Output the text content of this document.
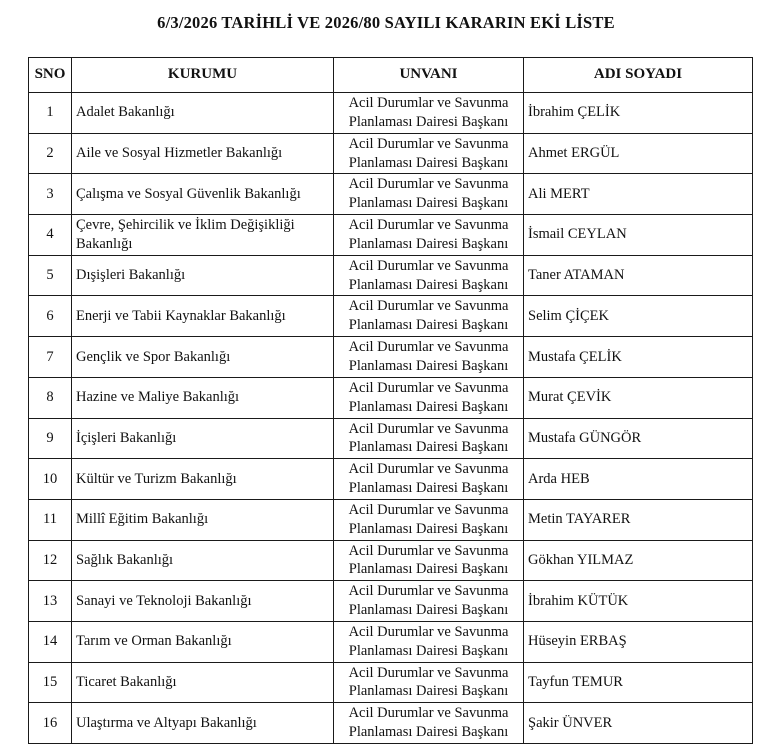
6/3/2026 TARİHLİ VE 2026/80 SAYILI KARARIN EKİ LİSTE
SNO	KURUMU	UNVANI	ADI SOYADI
1	Adalet Bakanlığı	Acil Durumlar ve Savunma Planlaması Dairesi Başkanı	İbrahim ÇELİK
2	Aile ve Sosyal Hizmetler Bakanlığı	Acil Durumlar ve Savunma Planlaması Dairesi Başkanı	Ahmet ERGÜL
3	Çalışma ve Sosyal Güvenlik Bakanlığı	Acil Durumlar ve Savunma Planlaması Dairesi Başkanı	Ali MERT
4	Çevre, Şehircilik ve İklim Değişikliği Bakanlığı	Acil Durumlar ve Savunma Planlaması Dairesi Başkanı	İsmail CEYLAN
5	Dışişleri Bakanlığı	Acil Durumlar ve Savunma Planlaması Dairesi Başkanı	Taner ATAMAN
6	Enerji ve Tabii Kaynaklar Bakanlığı	Acil Durumlar ve Savunma Planlaması Dairesi Başkanı	Selim ÇİÇEK
7	Gençlik ve Spor Bakanlığı	Acil Durumlar ve Savunma Planlaması Dairesi Başkanı	Mustafa ÇELİK
8	Hazine ve Maliye Bakanlığı	Acil Durumlar ve Savunma Planlaması Dairesi Başkanı	Murat ÇEVİK
9	İçişleri Bakanlığı	Acil Durumlar ve Savunma Planlaması Dairesi Başkanı	Mustafa GÜNGÖR
10	Kültür ve Turizm Bakanlığı	Acil Durumlar ve Savunma Planlaması Dairesi Başkanı	Arda HEB
11	Millî Eğitim Bakanlığı	Acil Durumlar ve Savunma Planlaması Dairesi Başkanı	Metin TAYARER
12	Sağlık Bakanlığı	Acil Durumlar ve Savunma Planlaması Dairesi Başkanı	Gökhan YILMAZ
13	Sanayi ve Teknoloji Bakanlığı	Acil Durumlar ve Savunma Planlaması Dairesi Başkanı	İbrahim KÜTÜK
14	Tarım ve Orman Bakanlığı	Acil Durumlar ve Savunma Planlaması Dairesi Başkanı	Hüseyin ERBAŞ
15	Ticaret Bakanlığı	Acil Durumlar ve Savunma Planlaması Dairesi Başkanı	Tayfun TEMUR
16	Ulaştırma ve Altyapı Bakanlığı	Acil Durumlar ve Savunma Planlaması Dairesi Başkanı	Şakir ÜNVER
